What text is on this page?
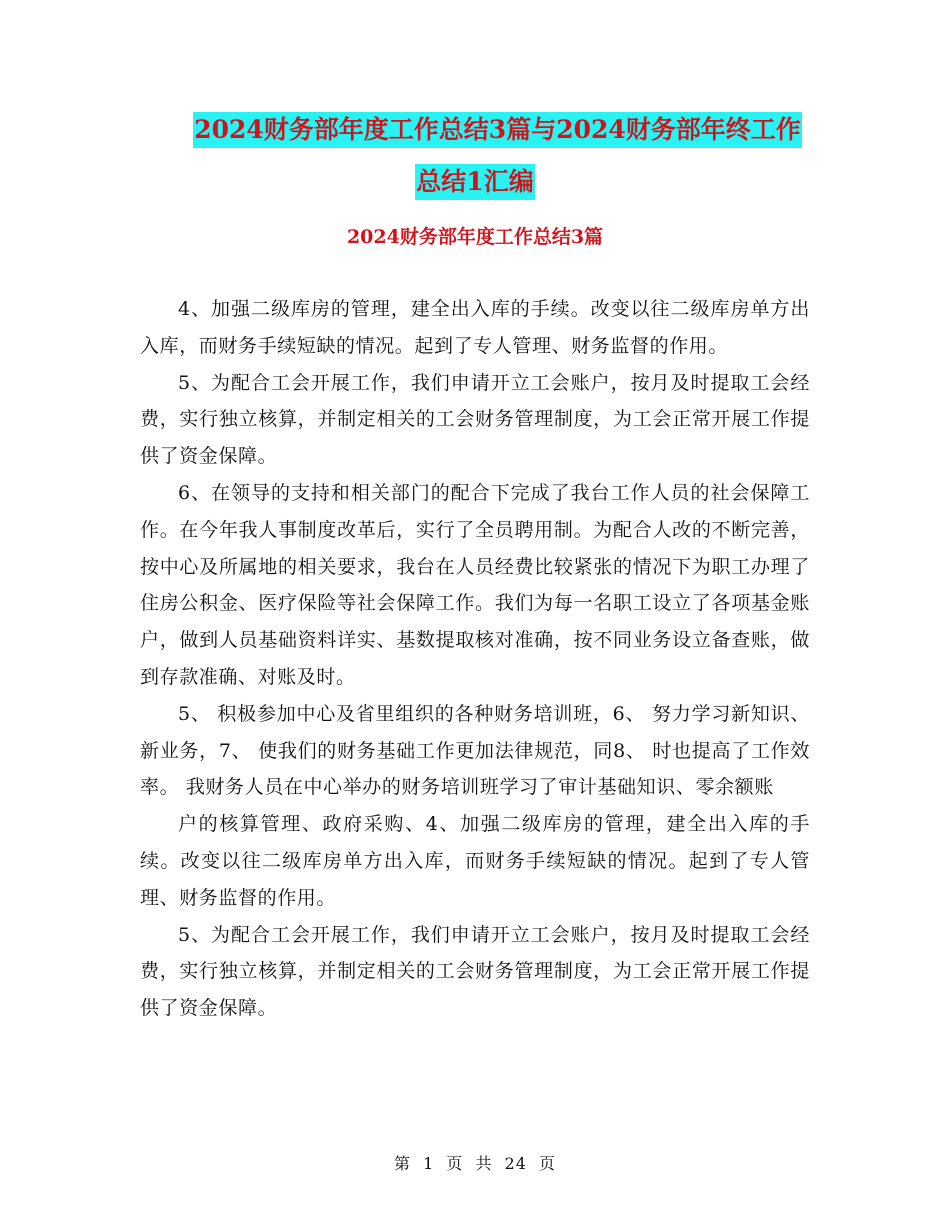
2024财务部年度工作总结3篇与2024财务部年终工作
总结1汇编
2024财务部年度工作总结3篇

4、加强二级库房的管理，建全出入库的手续。改变以往二级库房单方出入库，而财务手续短缺的情况。起到了专人管理、财务监督的作用。

5、为配合工会开展工作，我们申请开立工会账户，按月及时提取工会经费，实行独立核算，并制定相关的工会财务管理制度，为工会正常开展工作提供了资金保障。

6、在领导的支持和相关部门的配合下完成了我台工作人员的社会保障工作。在今年我人事制度改革后，实行了全员聘用制。为配合人改的不断完善，按中心及所属地的相关要求，我台在人员经费比较紧张的情况下为职工办理了住房公积金、医疗保险等社会保障工作。我们为每一名职工设立了各项基金账户，做到人员基础资料详实、基数提取核对准确，按不同业务设立备查账，做到存款准确、对账及时。

5、 积极参加中心及省里组织的各种财务培训班，6、 努力学习新知识、新业务，7、 使我们的财务基础工作更加法律规范，同8、 时也提高了工作效率。 我财务人员在中心举办的财务培训班学习了审计基础知识、零余额账

户的核算管理、政府采购、4、加强二级库房的管理，建全出入库的手续。改变以往二级库房单方出入库，而财务手续短缺的情况。起到了专人管理、财务监督的作用。

5、为配合工会开展工作，我们申请开立工会账户，按月及时提取工会经费，实行独立核算，并制定相关的工会财务管理制度，为工会正常开展工作提供了资金保障。

第 1 页 共 24 页
